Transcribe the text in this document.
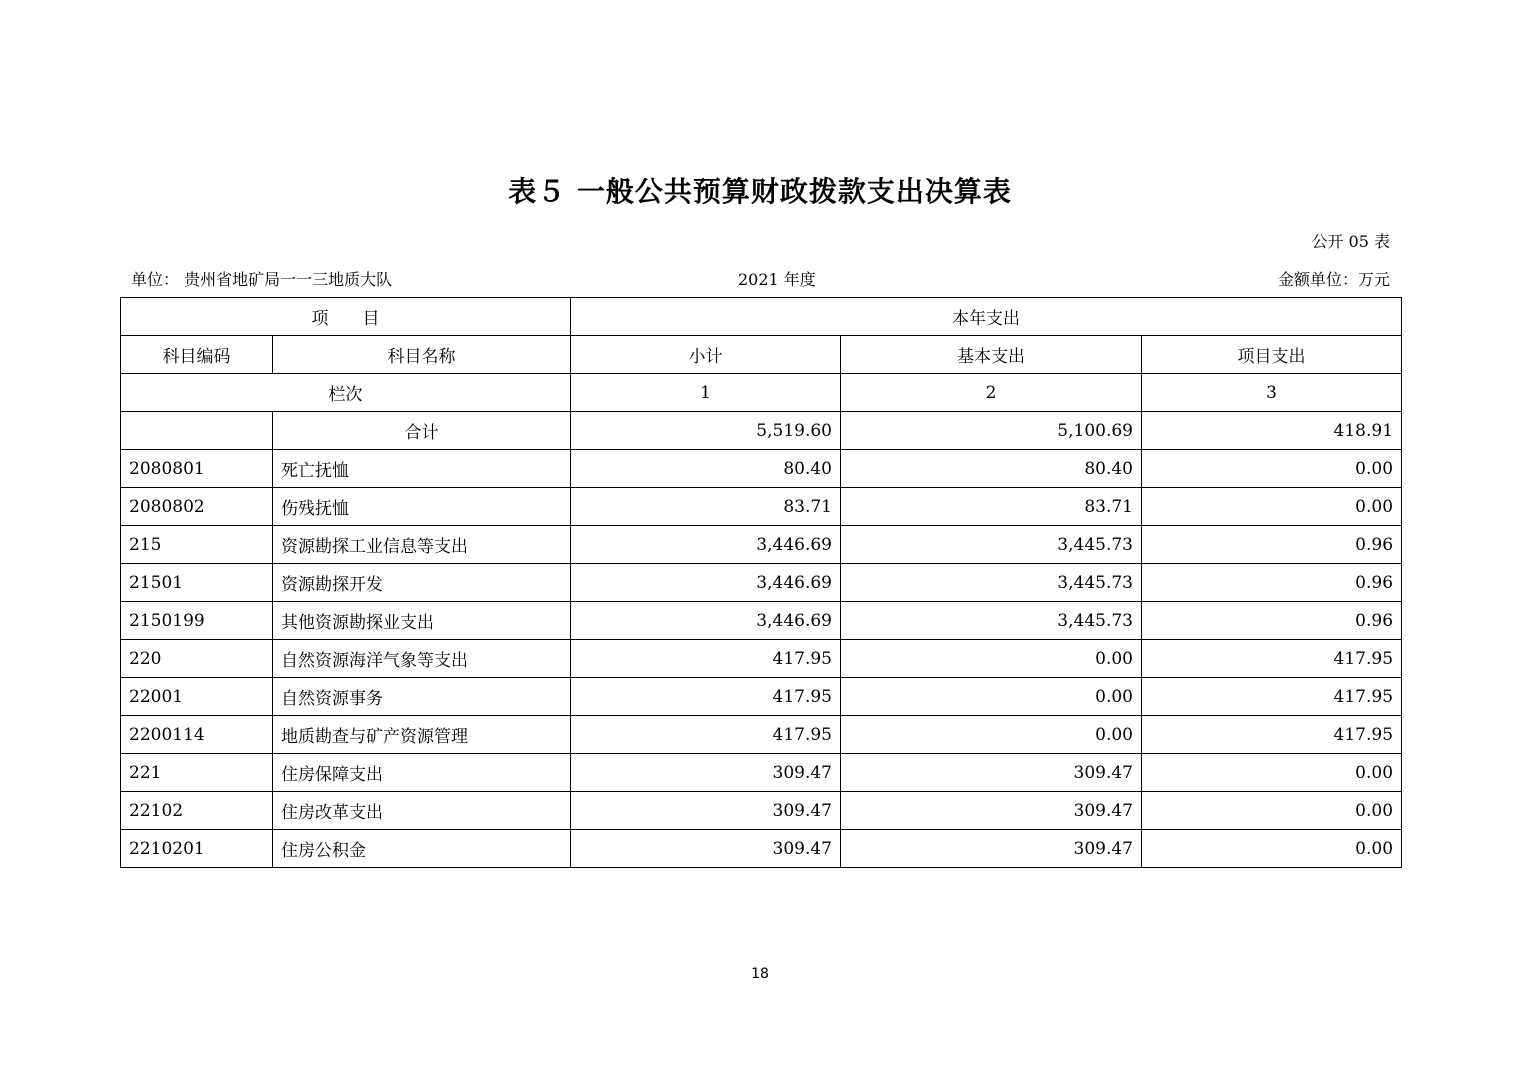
表５ 一般公共预算财政拨款支出决算表
公开 05 表
单位： 贵州省地矿局一一三地质大队	2021 年度	金额单位：万元
项　　目		本年支出		
科目编码	科目名称	小计	基本支出	项目支出
栏次		1	2	3
	合计	5,519.60	5,100.69	418.91
2080801	死亡抚恤	80.40	80.40	0.00
2080802	伤残抚恤	83.71	83.71	0.00
215	资源勘探工业信息等支出	3,446.69	3,445.73	0.96
21501	资源勘探开发	3,446.69	3,445.73	0.96
2150199	其他资源勘探业支出	3,446.69	3,445.73	0.96
220	自然资源海洋气象等支出	417.95	0.00	417.95
22001	自然资源事务	417.95	0.00	417.95
2200114	地质勘查与矿产资源管理	417.95	0.00	417.95
221	住房保障支出	309.47	309.47	0.00
22102	住房改革支出	309.47	309.47	0.00
2210201	住房公积金	309.47	309.47	0.00
18
